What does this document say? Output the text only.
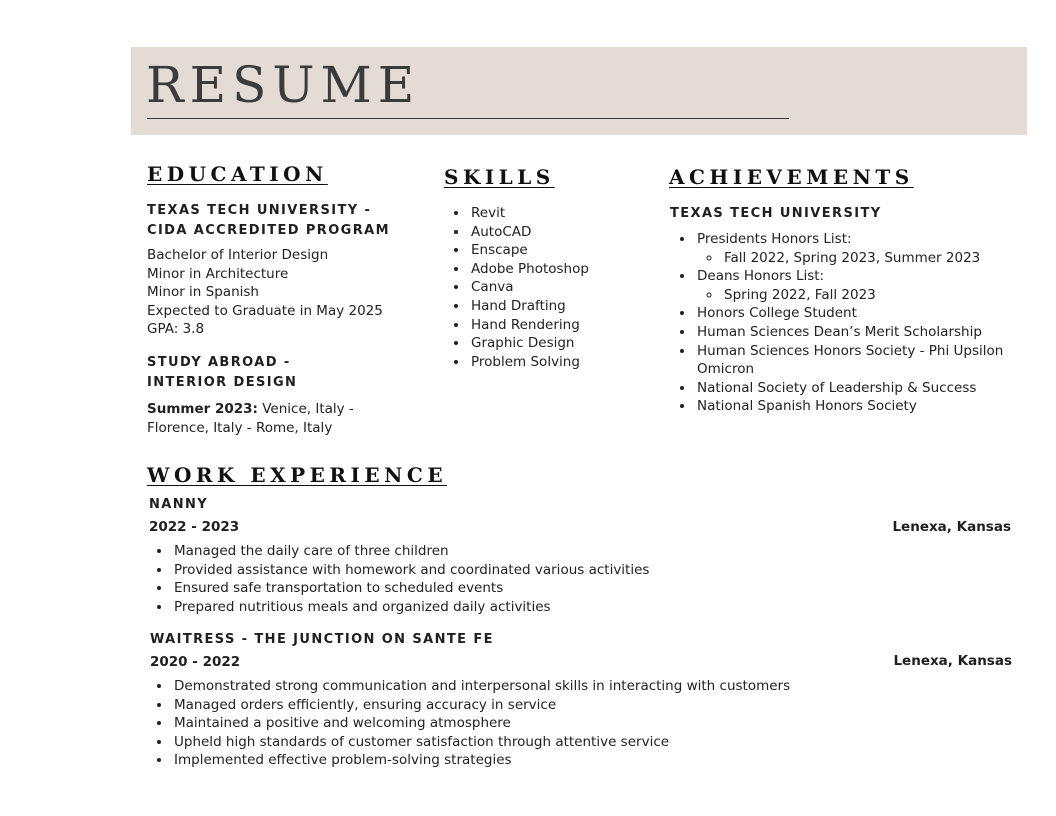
RESUME
EDUCATION
TEXAS TECH UNIVERSITY -
CIDA ACCREDITED PROGRAM

Bachelor of Interior Design

Minor in Architecture

Minor in Spanish

Expected to Graduate in May 2025

GPA: 3.8

STUDY ABROAD -
INTERIOR DESIGN

Summer 2023: Venice, Italy -

Florence, Italy - Rome, Italy

SKILLS
• Revit
• AutoCAD
• Enscape
• Adobe Photoshop
• Canva
• Hand Drafting
• Hand Rendering
• Graphic Design
• Problem Solving
ACHIEVEMENTS
TEXAS TECH UNIVERSITY
• Presidents Honors List:
◦ Fall 2022, Spring 2023, Summer 2023
• Deans Honors List:
◦ Spring 2022, Fall 2023
• Honors College Student
• Human Sciences Dean’s Merit Scholarship
• Human Sciences Honors Society - Phi Upsilon Omicron
• National Society of Leadership & Success
• National Spanish Honors Society
WORK EXPERIENCE
NANNY

2022 - 2023	Lenexa, Kansas

• Managed the daily care of three children
• Provided assistance with homework and coordinated various activities
• Ensured safe transportation to scheduled events
• Prepared nutritious meals and organized daily activities
WAITRESS - THE JUNCTION ON SANTE FE

2020 - 2022	Lenexa, Kansas

• Demonstrated strong communication and interpersonal skills in interacting with customers
• Managed orders efficiently, ensuring accuracy in service
• Maintained a positive and welcoming atmosphere
• Upheld high standards of customer satisfaction through attentive service
• Implemented effective problem-solving strategies
